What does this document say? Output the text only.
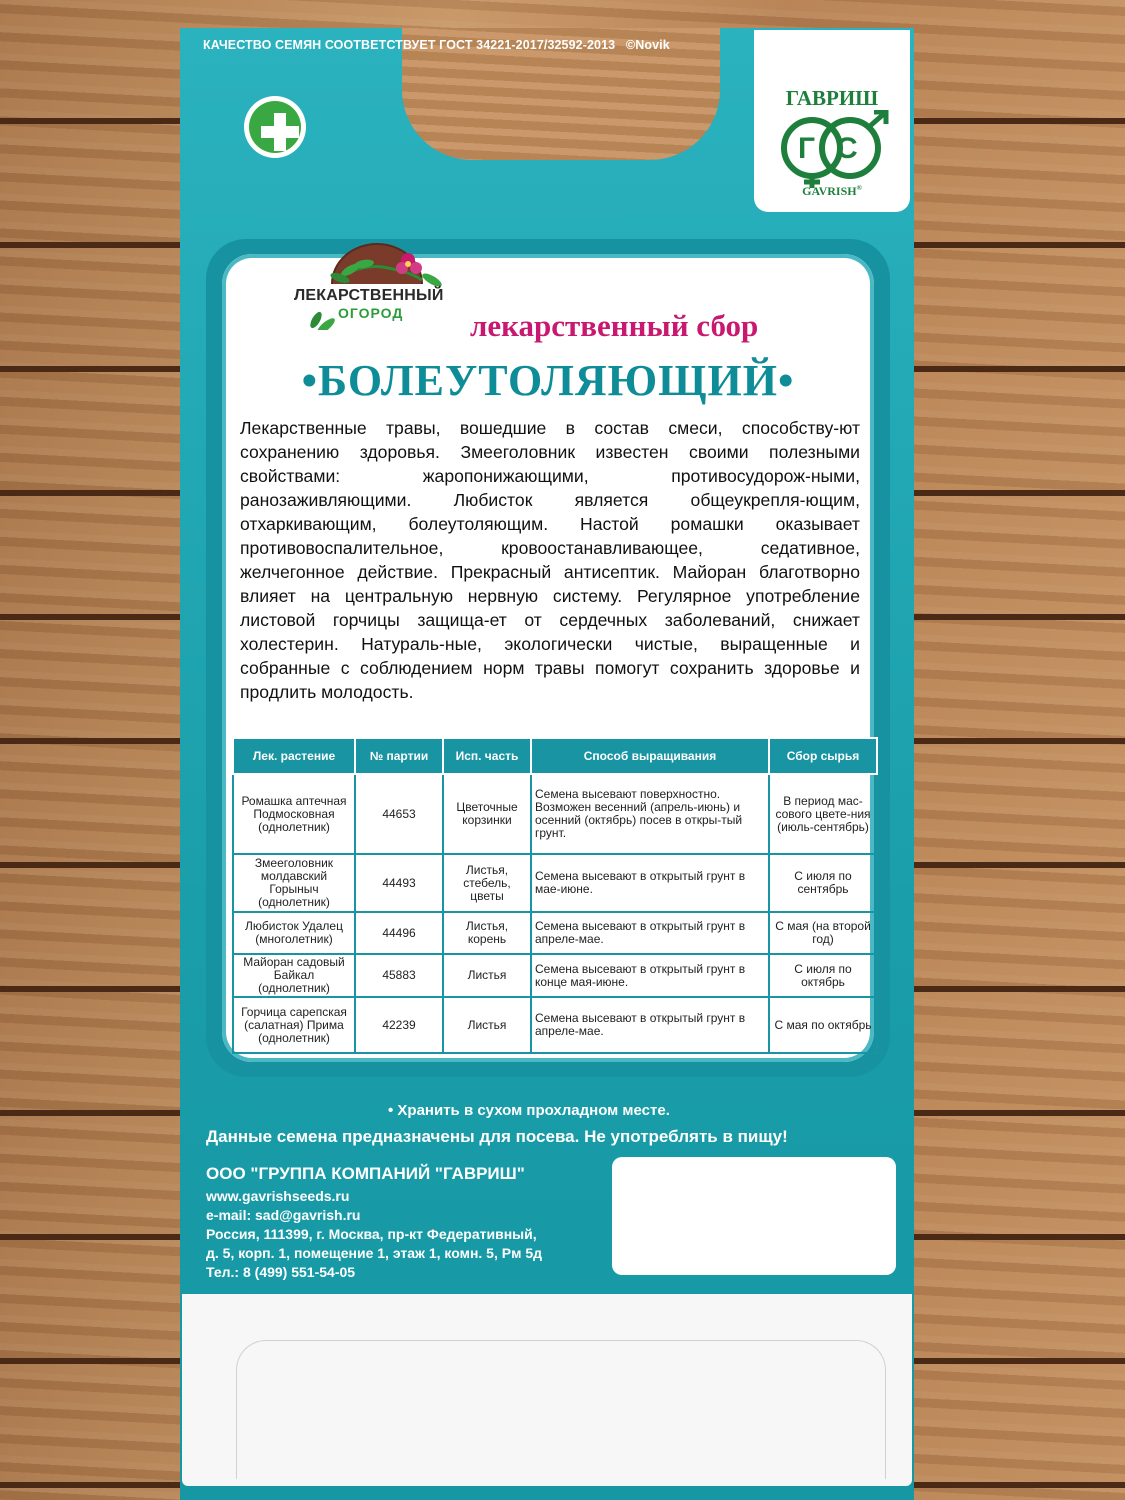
КАЧЕСТВО СЕМЯН СООТВЕТСТВУЕТ ГОСТ 34221-2017/32592-2013 ©Novik
ГАВРИШ
Г С
GAVRISH®
ЛЕКАРСТВЕННЫЙ
ОГОРОД лекарственный сбор
•БОЛЕУТОЛЯЮЩИЙ•
Лекарственные травы, вошедшие в состав смеси, способству-ют сохранению здоровья. Змееголовник известен своими полезными свойствами: жаропонижающими, противосудорож-ными, ранозаживляющими. Любисток является общеукрепля-ющим, отхаркивающим, болеутоляющим. Настой ромашки оказывает противовоспалительное, кровоостанавливающее, седативное, желчегонное действие. Прекрасный антисептик. Майоран благотворно влияет на центральную нервную систему. Регулярное употребление листовой горчицы защища-ет от сердечных заболеваний, снижает холестерин. Натураль-ные, экологически чистые, выращенные и собранные с соблюдением норм травы помогут сохранить здоровье и продлить молодость.
Лек. растение	№ партии	Исп. часть	Способ выращивания	Сбор сырья
Ромашка аптечная Подмосковная (однолетник)	44653	Цветочные корзинки	Семена высевают поверхностно. Возможен весенний (апрель-июнь) и осенний (октябрь) посев в откры-тый грунт.	В период мас-сового цвете-ния (июль-сентябрь)
Змееголовник молдавский Горыныч (однолетник)	44493	Листья, стебель, цветы	Семена высевают в открытый грунт в мае-июне.	С июля по сентябрь
Любисток Удалец (многолетник)	44496	Листья, корень	Семена высевают в открытый грунт в апреле-мае.	С мая (на второй год)
Майоран садовый Байкал (однолетник)	45883	Листья	Семена высевают в открытый грунт в конце мая-июне.	С июля по октябрь
Горчица сарепская (салатная) Прима (однолетник)	42239	Листья	Семена высевают в открытый грунт в апреле-мае.	С мая по октябрь
• Хранить в сухом прохладном месте.
Данные семена предназначены для посева. Не употреблять в пищу!
ООО "ГРУППА КОМПАНИЙ "ГАВРИШ"
www.gavrishseeds.ru
e-mail: sad@gavrish.ru
Россия, 111399, г. Москва, пр-кт Федеративный,
д. 5, корп. 1, помещение 1, этаж 1, комн. 5, Рм 5д
Тел.: 8 (499) 551-54-05
